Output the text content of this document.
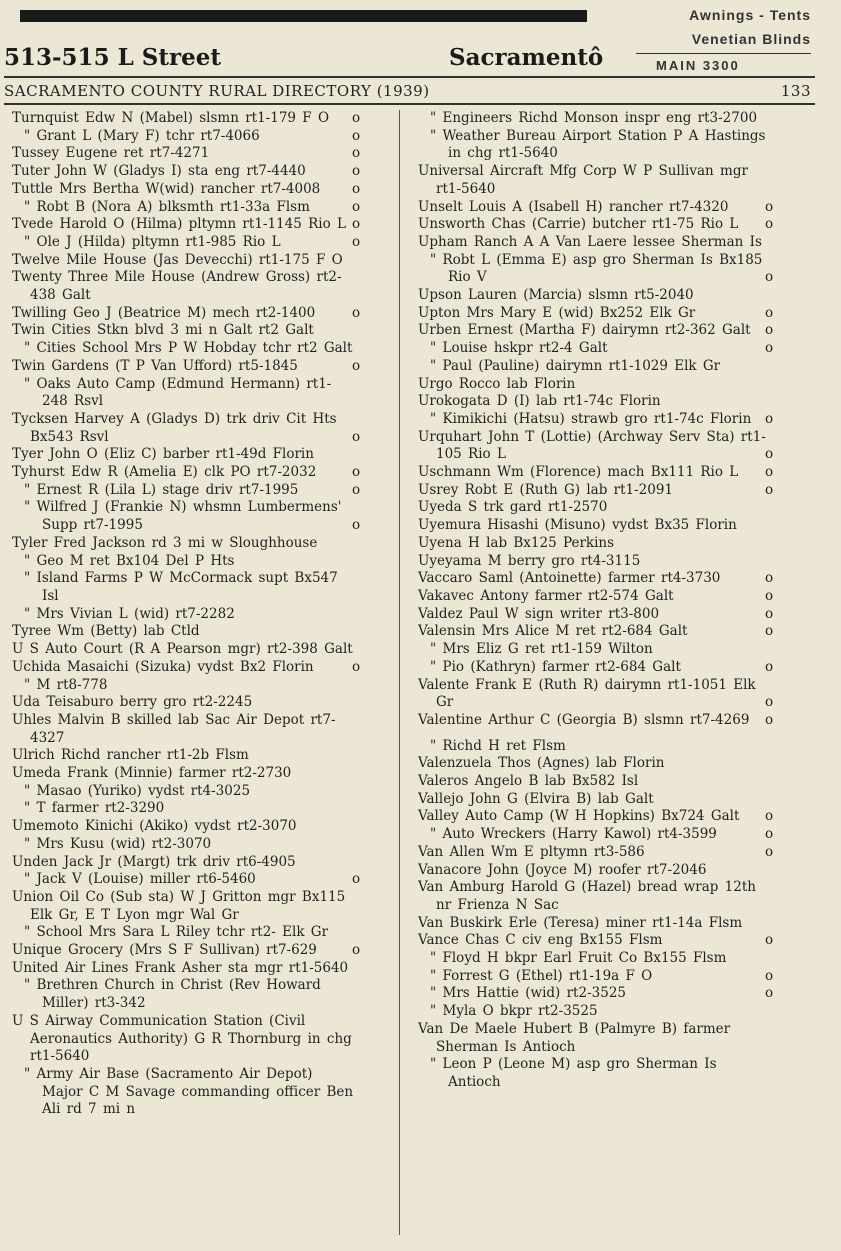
Awnings - Tents
Venetian Blinds
MAIN 3300
513-515 L Street	Sacramentô
SACRAMENTO COUNTY RURAL DIRECTORY (1939)	133
Turnquist Edw N (Mabel) slsmn rt1-179 F O o
" Grant L (Mary F) tchr rt7-4066	o
Tussey Eugene ret rt7-4271	o
Tuter John W (Gladys I) sta eng rt7-4440	o
Tuttle Mrs Bertha W(wid) rancher rt7-4008 o
" Robt B (Nora A) blksmth rt1-33a Flsm	o
Tvede Harold O (Hilma) pltymn rt1-1145 Rio L o
" Ole J (Hilda) pltymn rt1-985 Rio L	o
Twelve Mile House (Jas Devecchi) rt1-175 F O
Twenty Three Mile House (Andrew Gross) rt2-438 Galt
Twilling Geo J (Beatrice M) mech rt2-1400	o
Twin Cities Stkn blvd 3 mi n Galt rt2 Galt
" Cities School Mrs P W Hobday tchr rt2 Galt
Twin Gardens (T P Van Ufford) rt5-1845	o
" Oaks Auto Camp (Edmund Hermann) rt1-248 Rsvl
Tycksen Harvey A (Gladys D) trk driv Cit Hts Bx543 Rsvl	o
Tyer John O (Eliz C) barber rt1-49d Florin
Tyhurst Edw R (Amelia E) clk PO rt7-2032	o
" Ernest R (Lila L) stage driv rt7-1995	o
" Wilfred J (Frankie N) whsmn Lumbermens' Supp rt7-1995	o
Tyler Fred Jackson rd 3 mi w Sloughhouse
" Geo M ret Bx104 Del P Hts
" Island Farms P W McCormack supt Bx547 Isl
" Mrs Vivian L (wid) rt7-2282
Tyree Wm (Betty) lab Ctld
U S Auto Court (R A Pearson mgr) rt2-398 Galt
Uchida Masaichi (Sizuka) vydst Bx2 Florin	o
" M rt8-778
Uda Teisaburo berry gro rt2-2245
Uhles Malvin B skilled lab Sac Air Depot rt7-4327
Ulrich Richd rancher rt1-2b Flsm
Umeda Frank (Minnie) farmer rt2-2730
" Masao (Yuriko) vydst rt4-3025
" T farmer rt2-3290
Umemoto Kinichi (Akiko) vydst rt2-3070
" Mrs Kusu (wid) rt2-3070
Unden Jack Jr (Margt) trk driv rt6-4905
" Jack V (Louise) miller rt6-5460	o
Union Oil Co (Sub sta) W J Gritton mgr Bx115 Elk Gr, E T Lyon mgr Wal Gr
" School Mrs Sara L Riley tchr rt2- Elk Gr
Unique Grocery (Mrs S F Sullivan) rt7-629	o
United Air Lines Frank Asher sta mgr rt1-5640
" Brethren Church in Christ (Rev Howard Miller) rt3-342
U S Airway Communication Station (Civil Aeronautics Authority) G R Thornburg in chg rt1-5640
" Army Air Base (Sacramento Air Depot) Major C M Savage commanding officer Ben Ali rd 7 mi n
" Engineers Richd Monson inspr eng rt3-2700
" Weather Bureau Airport Station P A Hastings in chg rt1-5640
Universal Aircraft Mfg Corp W P Sullivan mgr rt1-5640
Unselt Louis A (Isabell H) rancher rt7-4320	o
Unsworth Chas (Carrie) butcher rt1-75 Rio L o
Upham Ranch A A Van Laere lessee Sherman Is
" Robt L (Emma E) asp gro Sherman Is Bx185 Rio V	o
Upson Lauren (Marcia) slsmn rt5-2040
Upton Mrs Mary E (wid) Bx252 Elk Gr	o
Urben Ernest (Martha F) dairymn rt2-362 Galt o
" Louise hskpr rt2-4 Galt	o
" Paul (Pauline) dairymn rt1-1029 Elk Gr
Urgo Rocco lab Florin
Urokogata D (I) lab rt1-74c Florin
" Kimikichi (Hatsu) strawb gro rt1-74c Florin o
Urquhart John T (Lottie) (Archway Serv Sta) rt1-105 Rio L	o
Uschmann Wm (Florence) mach Bx111 Rio L o
Usrey Robt E (Ruth G) lab rt1-2091	o
Uyeda S trk gard rt1-2570
Uyemura Hisashi (Misuno) vydst Bx35 Florin
Uyena H lab Bx125 Perkins
Uyeyama M berry gro rt4-3115
Vaccaro Saml (Antoinette) farmer rt4-3730	o
Vakavec Antony farmer rt2-574 Galt	o
Valdez Paul W sign writer rt3-800	o
Valensin Mrs Alice M ret rt2-684 Galt	o
" Mrs Eliz G ret rt1-159 Wilton
" Pio (Kathryn) farmer rt2-684 Galt	o
Valente Frank E (Ruth R) dairymn rt1-1051 Elk Gr	o
Valentine Arthur C (Georgia B) slsmn rt7-4269 o
" Richd H ret Flsm
Valenzuela Thos (Agnes) lab Florin
Valeros Angelo B lab Bx582 Isl
Vallejo John G (Elvira B) lab Galt
Valley Auto Camp (W H Hopkins) Bx724 Galt o
" Auto Wreckers (Harry Kawol) rt4-3599	o
Van Allen Wm E pltymn rt3-586	o
Vanacore John (Joyce M) roofer rt7-2046
Van Amburg Harold G (Hazel) bread wrap 12th nr Frienza N Sac
Van Buskirk Erle (Teresa) miner rt1-14a Flsm
Vance Chas C civ eng Bx155 Flsm	o
" Floyd H bkpr Earl Fruit Co Bx155 Flsm
" Forrest G (Ethel) rt1-19a F O	o
" Mrs Hattie (wid) rt2-3525	o
" Myla O bkpr rt2-3525
Van De Maele Hubert B (Palmyre B) farmer Sherman Is Antioch
" Leon P (Leone M) asp gro Sherman Is Antioch
